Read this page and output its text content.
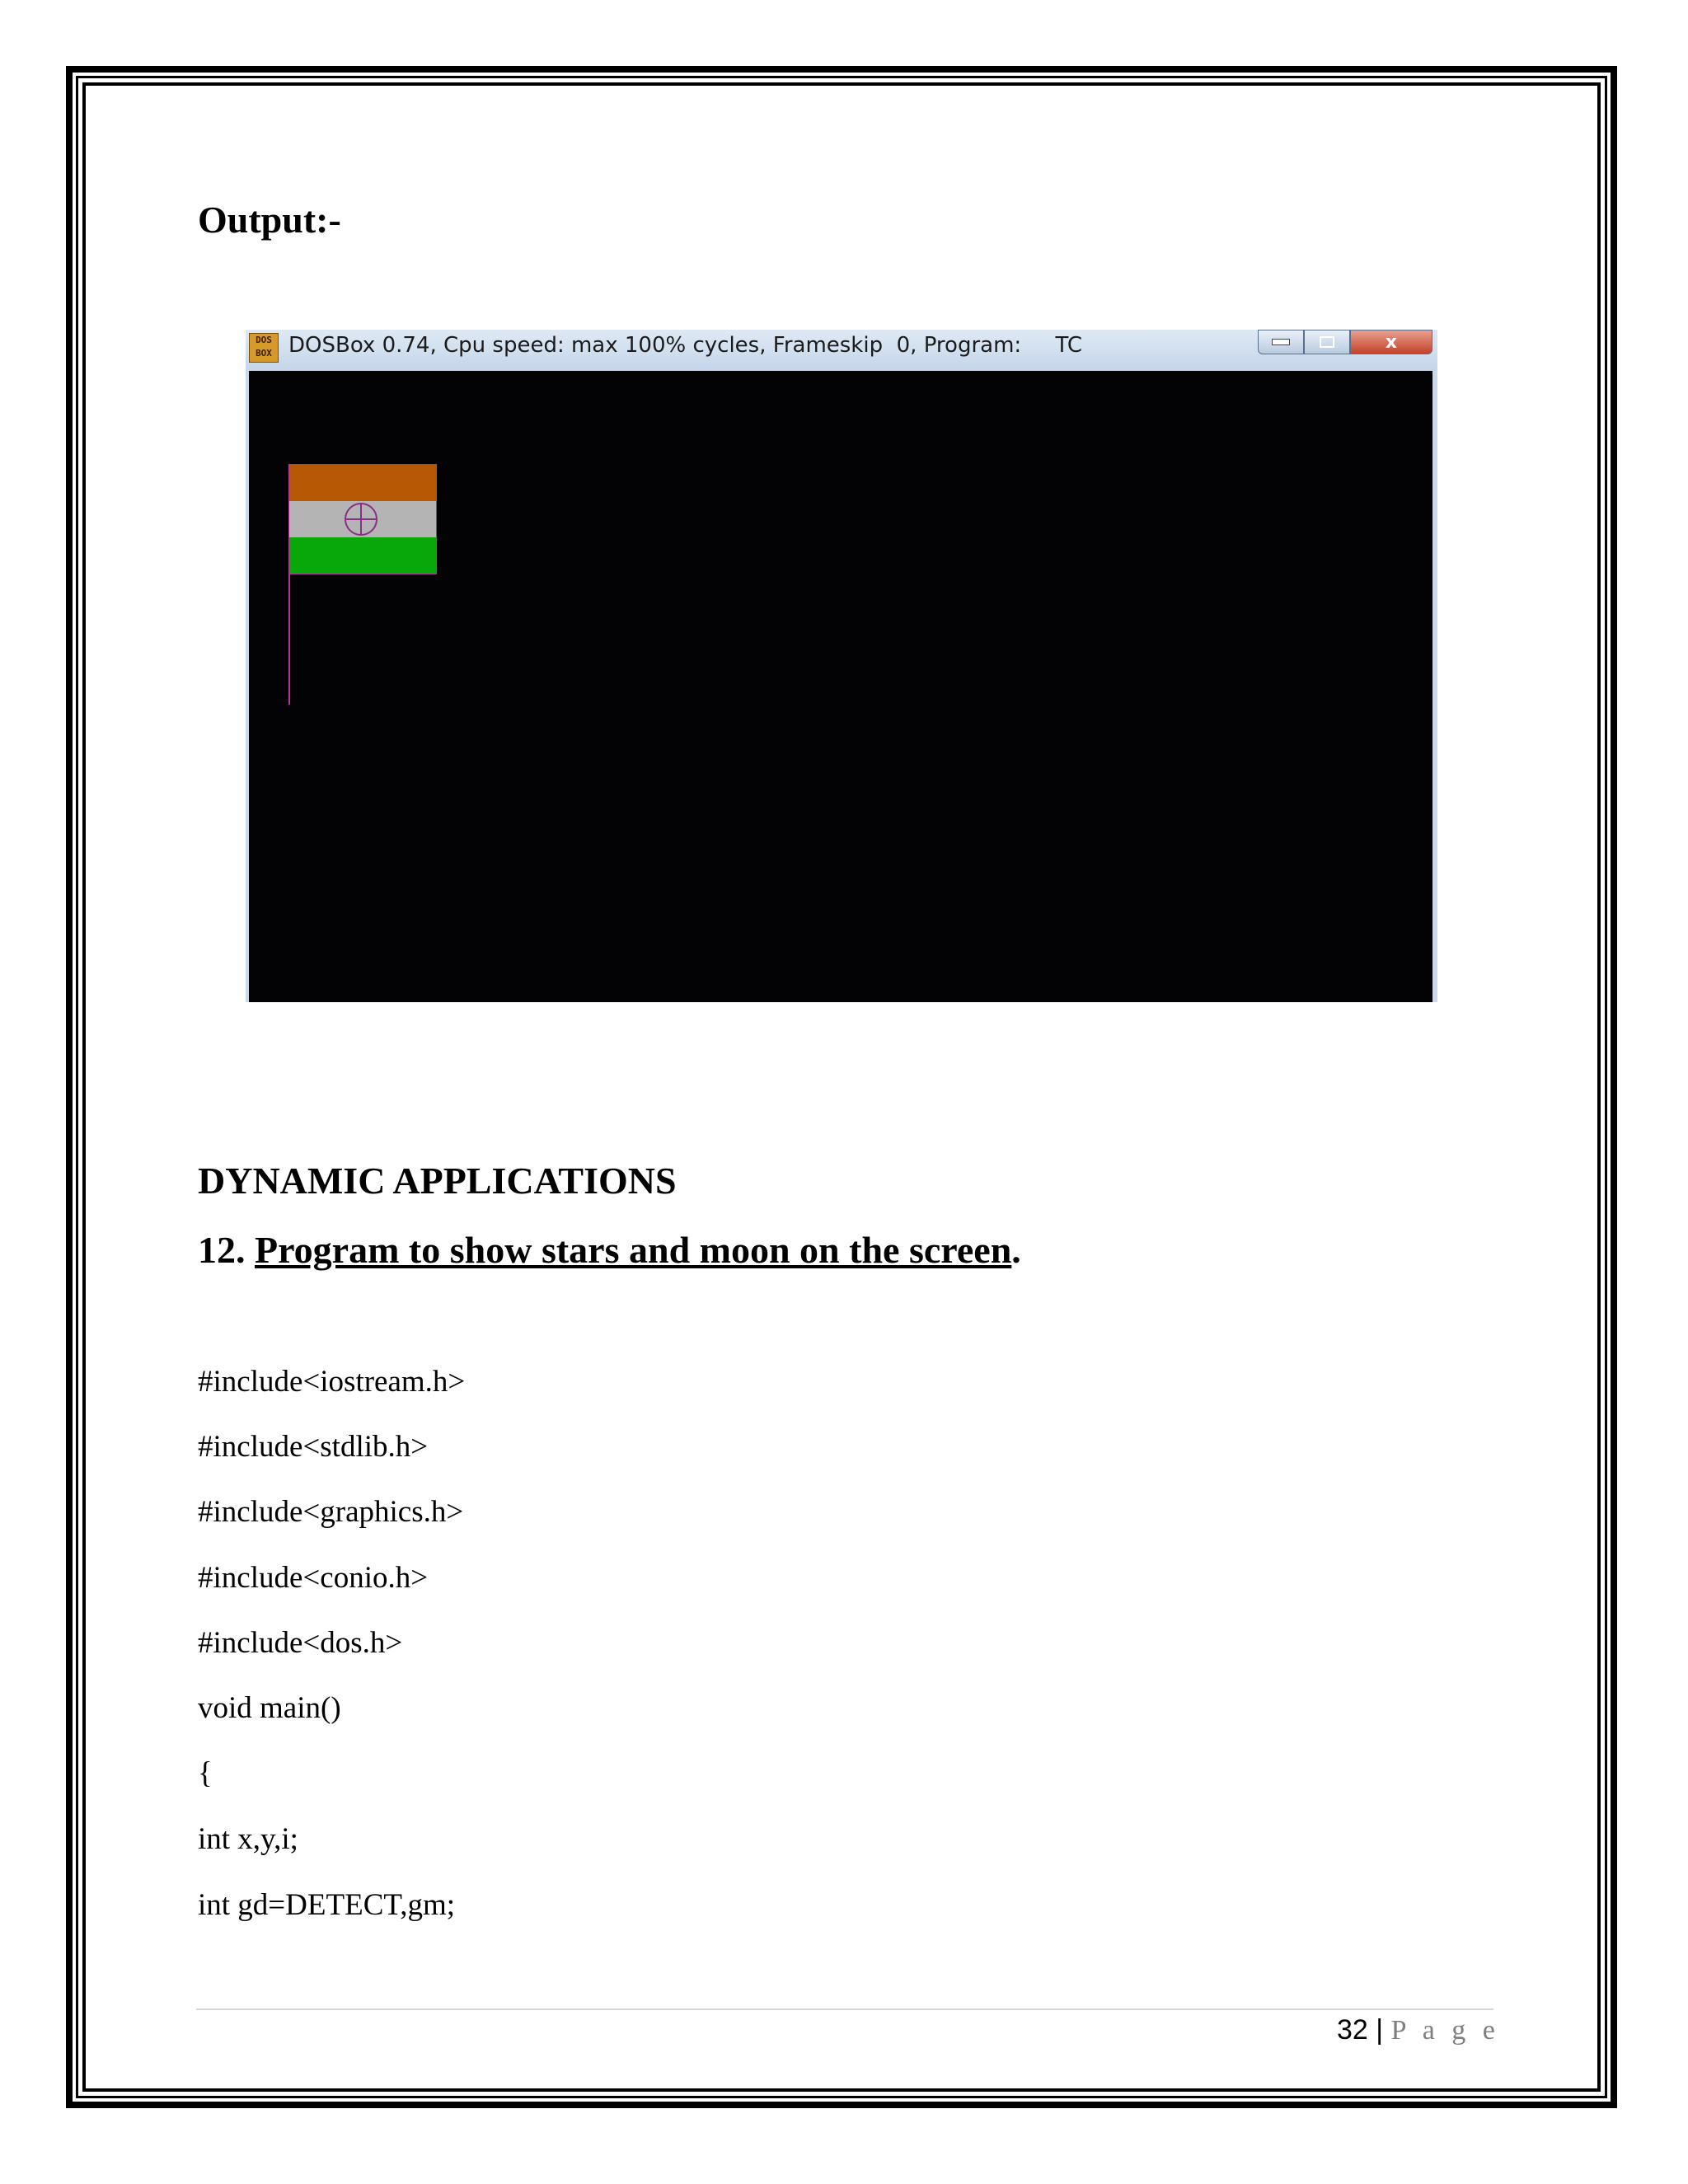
Output:-
DOS
BOX DOSBox 0.74, Cpu speed: max 100% cycles, Frameskip  0, Program:     TC	x
DYNAMIC APPLICATIONS
12. Program to show stars and moon on the screen.
#include<iostream.h>
#include<stdlib.h>
#include<graphics.h>
#include<conio.h>
#include<dos.h>
void main()
{
int x,y,i;
int gd=DETECT,gm;
32 | P a g e
